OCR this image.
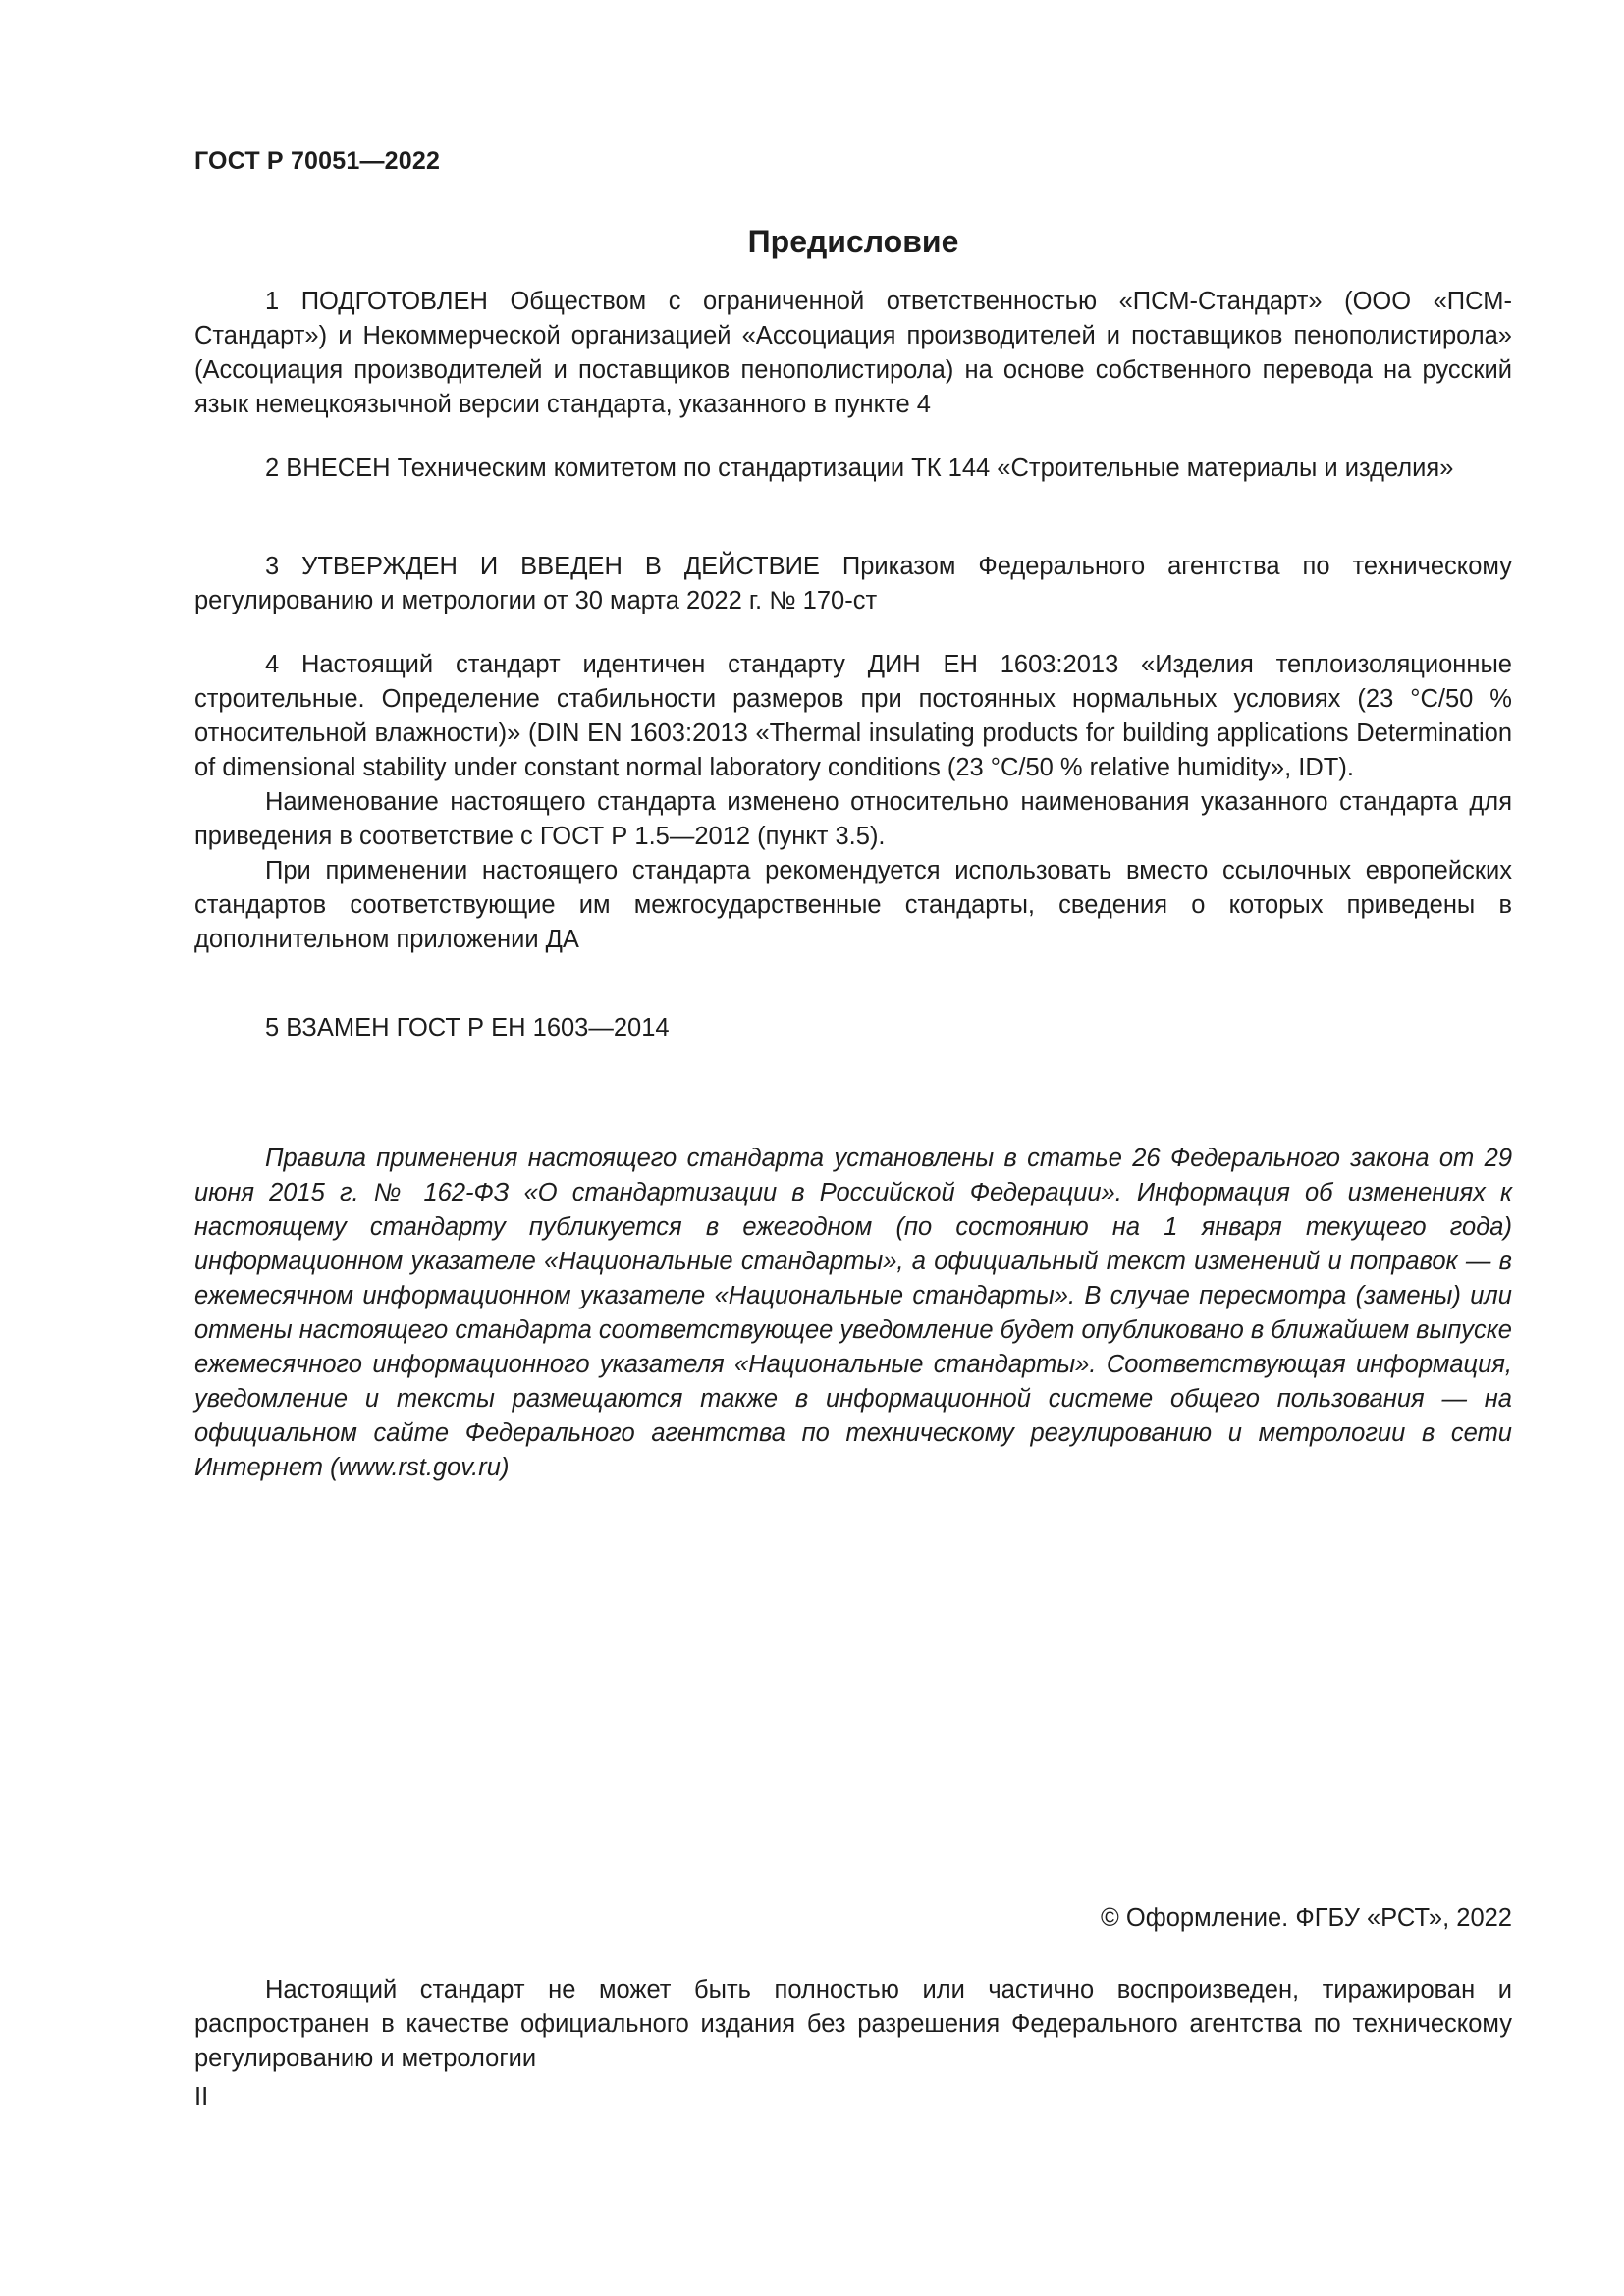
ГОСТ Р 70051—2022
Предисловие

1 ПОДГОТОВЛЕН Обществом с ограниченной ответственностью «ПСМ-Стандарт» (ООО «ПСМ-Стандарт») и Некоммерческой организацией «Ассоциация производителей и поставщиков пенополистирола» (Ассоциация производителей и поставщиков пенополистирола) на основе собственного перевода на русский язык немецкоязычной версии стандарта, указанного в пункте 4

2 ВНЕСЕН Техническим комитетом по стандартизации ТК 144 «Строительные материалы и изделия»

3 УТВЕРЖДЕН И ВВЕДЕН В ДЕЙСТВИЕ Приказом Федерального агентства по техническому регулированию и метрологии от 30 марта 2022 г. № 170-ст

4 Настоящий стандарт идентичен стандарту ДИН ЕН 1603:2013 «Изделия теплоизоляционные строительные. Определение стабильности размеров при постоянных нормальных условиях (23 °C/50 % относительной влажности)» (DIN EN 1603:2013 «Thermal insulating products for building applications Determination of dimensional stability under constant normal laboratory conditions (23 °C/50 % relative humidity», IDT).

Наименование настоящего стандарта изменено относительно наименования указанного стандарта для приведения в соответствие с ГОСТ Р 1.5—2012 (пункт 3.5).

При применении настоящего стандарта рекомендуется использовать вместо ссылочных европейских стандартов соответствующие им межгосударственные стандарты, сведения о которых приведены в дополнительном приложении ДА

5 ВЗАМЕН ГОСТ Р ЕН 1603—2014

Правила применения настоящего стандарта установлены в статье 26 Федерального закона от 29 июня 2015 г. № 162-ФЗ «О стандартизации в Российской Федерации». Информация об изменениях к настоящему стандарту публикуется в ежегодном (по состоянию на 1 января текущего года) информационном указателе «Национальные стандарты», а официальный текст изменений и поправок — в ежемесячном информационном указателе «Национальные стандарты». В случае пересмотра (замены) или отмены настоящего стандарта соответствующее уведомление будет опубликовано в ближайшем выпуске ежемесячного информационного указателя «Национальные стандарты». Соответствующая информация, уведомление и тексты размещаются также в информационной системе общего пользования — на официальном сайте Федерального агентства по техническому регулированию и метрологии в сети Интернет (www.rst.gov.ru)

© Оформление. ФГБУ «РСТ», 2022

Настоящий стандарт не может быть полностью или частично воспроизведен, тиражирован и распространен в качестве официального издания без разрешения Федерального агентства по техническому регулированию и метрологии

II
